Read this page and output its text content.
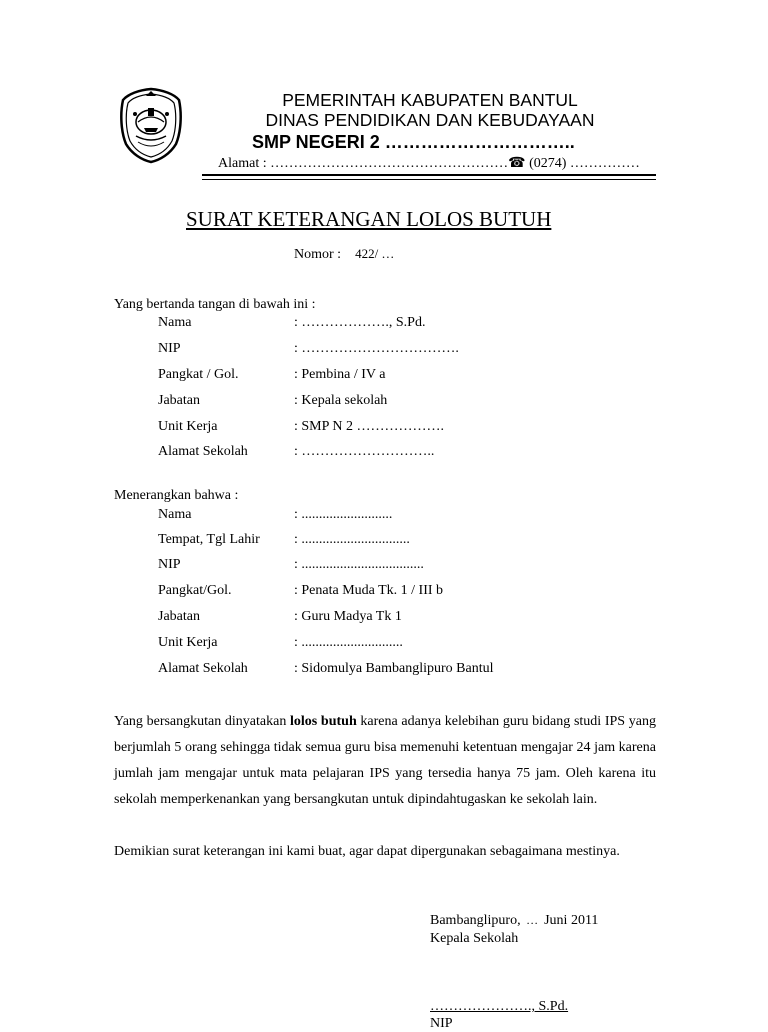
PEMERINTAH KABUPATEN BANTUL
DINAS PENDIDIKAN DAN KEBUDAYAAN
SMP NEGERI 2 …………………………..
Alamat : ……………………………………………☎ (0274) ……………
SURAT KETERANGAN LOLOS BUTUH
Nomor : 422/ …
Yang bertanda tangan di bawah ini :
Nama	: ………………., S.Pd.
NIP	: …………………………….
Pangkat / Gol.	: Pembina / IV a
Jabatan	: Kepala sekolah
Unit Kerja	: SMP N 2 ……………….
Alamat Sekolah	: ………………………..
Menerangkan bahwa :
Nama	: ..........................
Tempat, Tgl Lahir : ...............................
NIP	: ...................................
Pangkat/Gol.	: Penata Muda Tk. 1 / III b
Jabatan	: Guru Madya Tk 1
Unit Kerja	: .............................
Alamat Sekolah	: Sidomulya Bambanglipuro Bantul
Yang bersangkutan dinyatakan lolos butuh karena adanya kelebihan guru bidang studi IPS yang berjumlah 5 orang sehingga tidak semua guru bisa memenuhi ketentuan mengajar 24 jam karena jumlah jam mengajar untuk mata pelajaran IPS yang tersedia hanya 75 jam. Oleh karena itu sekolah memperkenankan yang bersangkutan untuk dipindahtugaskan ke sekolah lain.
Demikian surat keterangan ini kami buat, agar dapat dipergunakan sebagaimana mestinya.
Bambanglipuro, … Juni 2011
Kepala Sekolah
…………………., S.Pd.
NIP
